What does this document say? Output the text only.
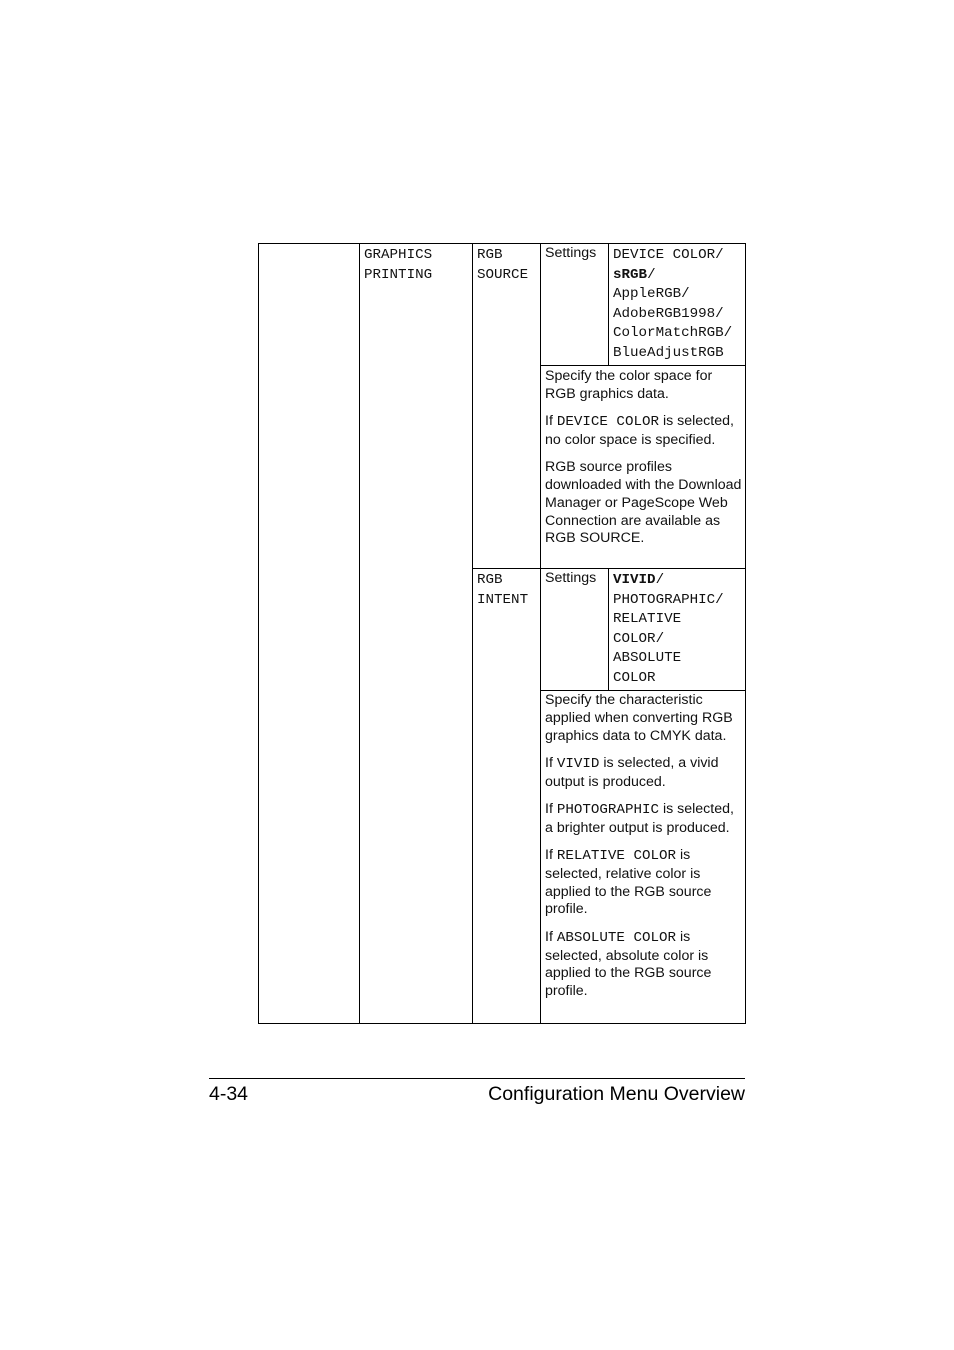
GRAPHICS
PRINTING
RGB
SOURCE
Settings DEVICE COLOR/
sRGB/
AppleRGB/
AdobeRGB1998/
ColorMatchRGB/
BlueAdjustRGB

Specify the color space for RGB graphics data.

If DEVICE COLOR is selected, no color space is specified.

RGB source profiles downloaded with the Download Manager or PageScope Web Connection are available as RGB SOURCE.

RGB
INTENT
Settings VIVID/
PHOTOGRAPHIC/
RELATIVE
COLOR/
ABSOLUTE
COLOR

Specify the characteristic applied when converting RGB graphics data to CMYK data.

If VIVID is selected, a vivid output is produced.

If PHOTOGRAPHIC is selected, a brighter output is produced.

If RELATIVE COLOR is selected, relative color is applied to the RGB source profile.

If ABSOLUTE COLOR is selected, absolute color is applied to the RGB source profile.

4-34	Configuration Menu Overview
